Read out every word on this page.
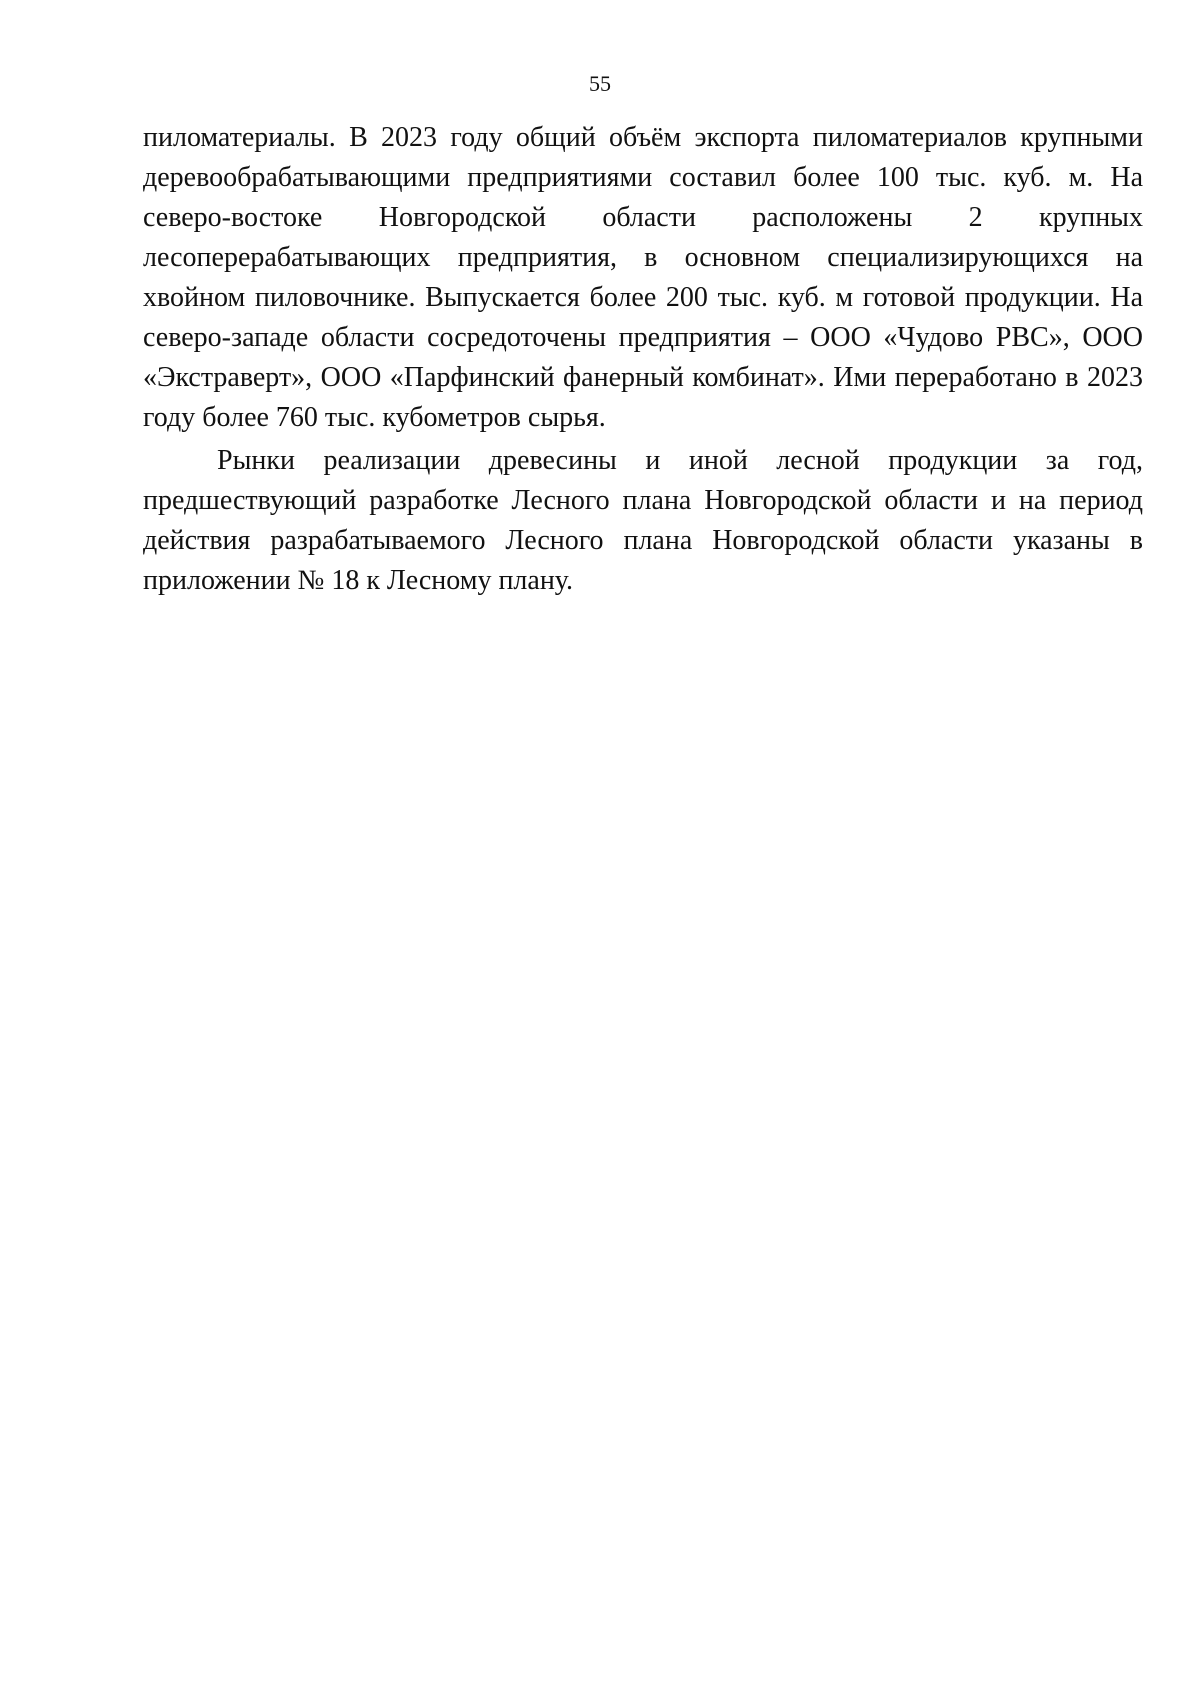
55

пиломатериалы. В 2023 году общий объём экспорта пиломатериалов крупными деревообрабатывающими предприятиями составил более 100 тыс. куб. м. На северо-востоке Новгородской области расположены 2 крупных лесоперерабатывающих предприятия, в основном специализирующихся на хвойном пиловочнике. Выпускается более 200 тыс. куб. м готовой продукции. На северо-западе области сосредоточены предприятия – ООО «Чудово РВС», ООО «Экстраверт», ООО «Парфинский фанерный комбинат». Ими переработано в 2023 году более 760 тыс. кубометров сырья.

Рынки реализации древесины и иной лесной продукции за год, предшествующий разработке Лесного плана Новгородской области и на период действия разрабатываемого Лесного плана Новгородской области указаны в приложении № 18 к Лесному плану.
